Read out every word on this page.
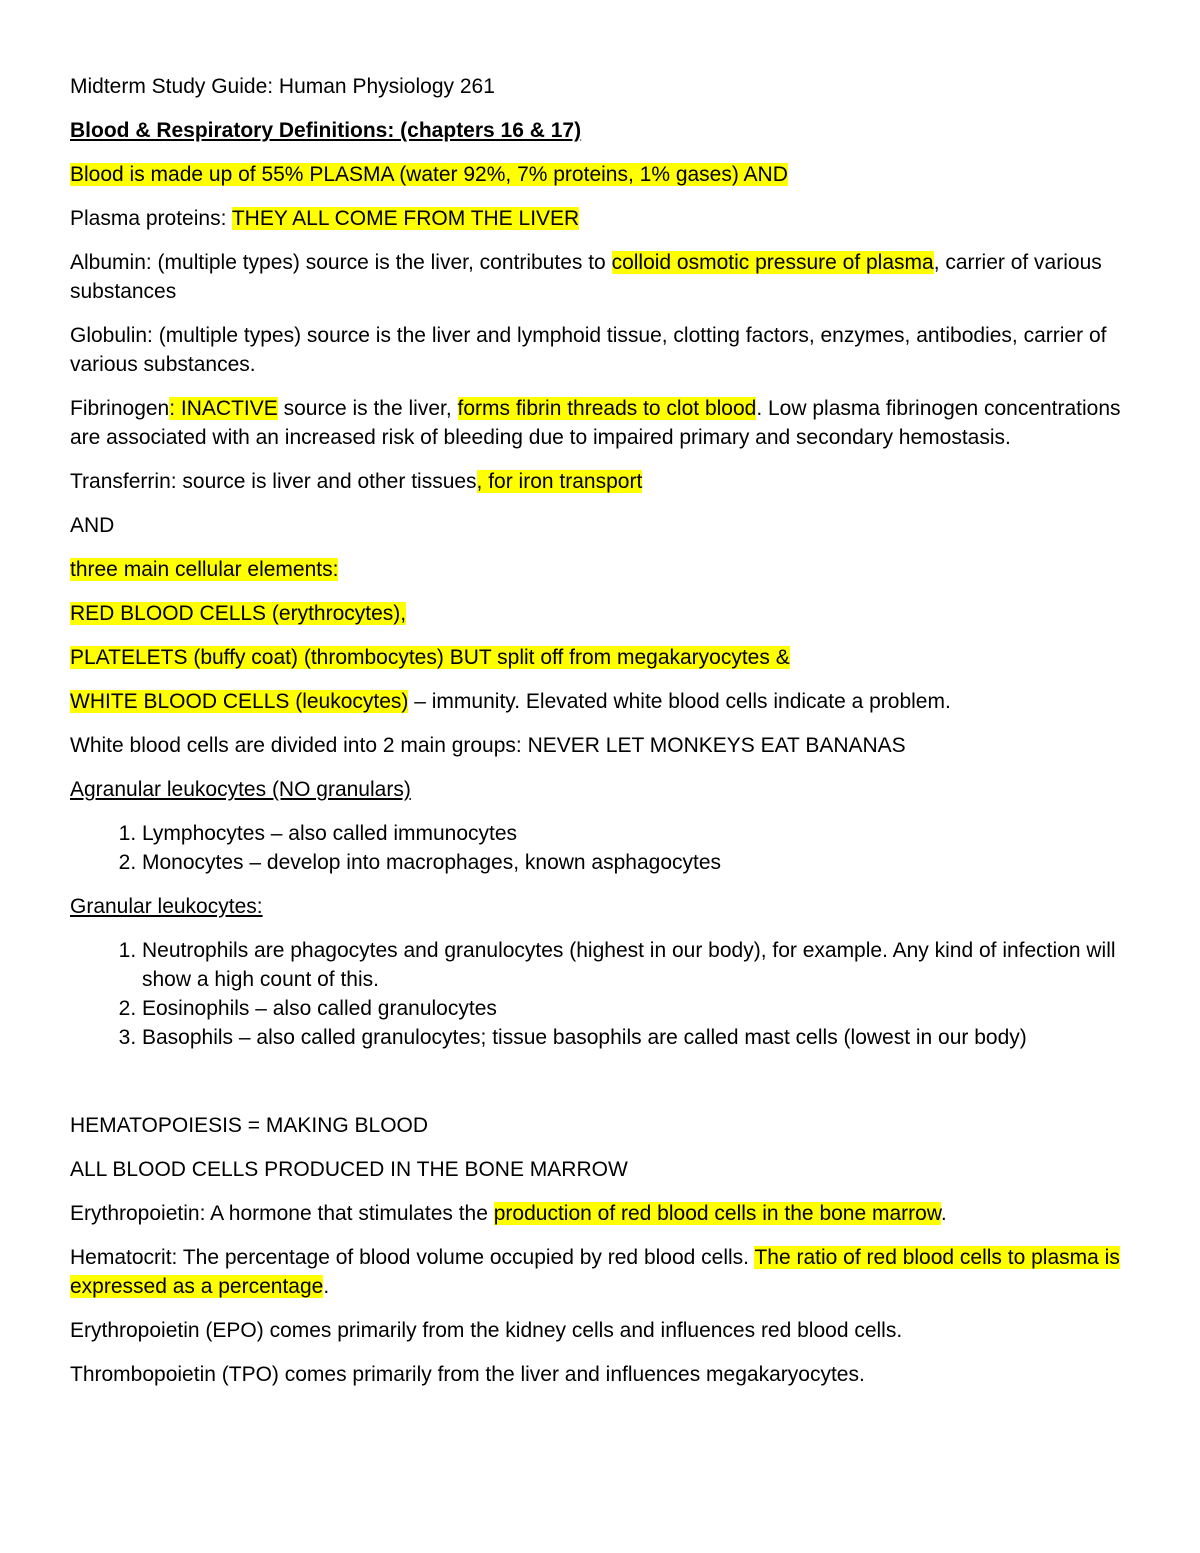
Midterm Study Guide: Human Physiology 261

Blood & Respiratory Definitions: (chapters 16 & 17)

Blood is made up of 55% PLASMA (water 92%, 7% proteins, 1% gases) AND

Plasma proteins: THEY ALL COME FROM THE LIVER

Albumin: (multiple types) source is the liver, contributes to colloid osmotic pressure of plasma, carrier of various substances

Globulin: (multiple types) source is the liver and lymphoid tissue, clotting factors, enzymes, antibodies, carrier of various substances.

Fibrinogen: INACTIVE source is the liver, forms fibrin threads to clot blood. Low plasma fibrinogen concentrations are associated with an increased risk of bleeding due to impaired primary and secondary hemostasis.

Transferrin: source is liver and other tissues, for iron transport

AND

three main cellular elements:

RED BLOOD CELLS (erythrocytes),

PLATELETS (buffy coat) (thrombocytes) BUT split off from megakaryocytes &

WHITE BLOOD CELLS (leukocytes) – immunity. Elevated white blood cells indicate a problem.

White blood cells are divided into 2 main groups: NEVER LET MONKEYS EAT BANANAS

Agranular leukocytes (NO granulars)

1. Lymphocytes – also called immunocytes
2. Monocytes – develop into macrophages, known asphagocytes

Granular leukocytes:

1. Neutrophils are phagocytes and granulocytes (highest in our body), for example. Any kind of infection will show a high count of this.
2. Eosinophils – also called granulocytes
3. Basophils – also called granulocytes; tissue basophils are called mast cells (lowest in our body)

HEMATOPOIESIS = MAKING BLOOD

ALL BLOOD CELLS PRODUCED IN THE BONE MARROW

Erythropoietin: A hormone that stimulates the production of red blood cells in the bone marrow.

Hematocrit: The percentage of blood volume occupied by red blood cells. The ratio of red blood cells to plasma is expressed as a percentage.

Erythropoietin (EPO) comes primarily from the kidney cells and influences red blood cells.

Thrombopoietin (TPO) comes primarily from the liver and influences megakaryocytes.
